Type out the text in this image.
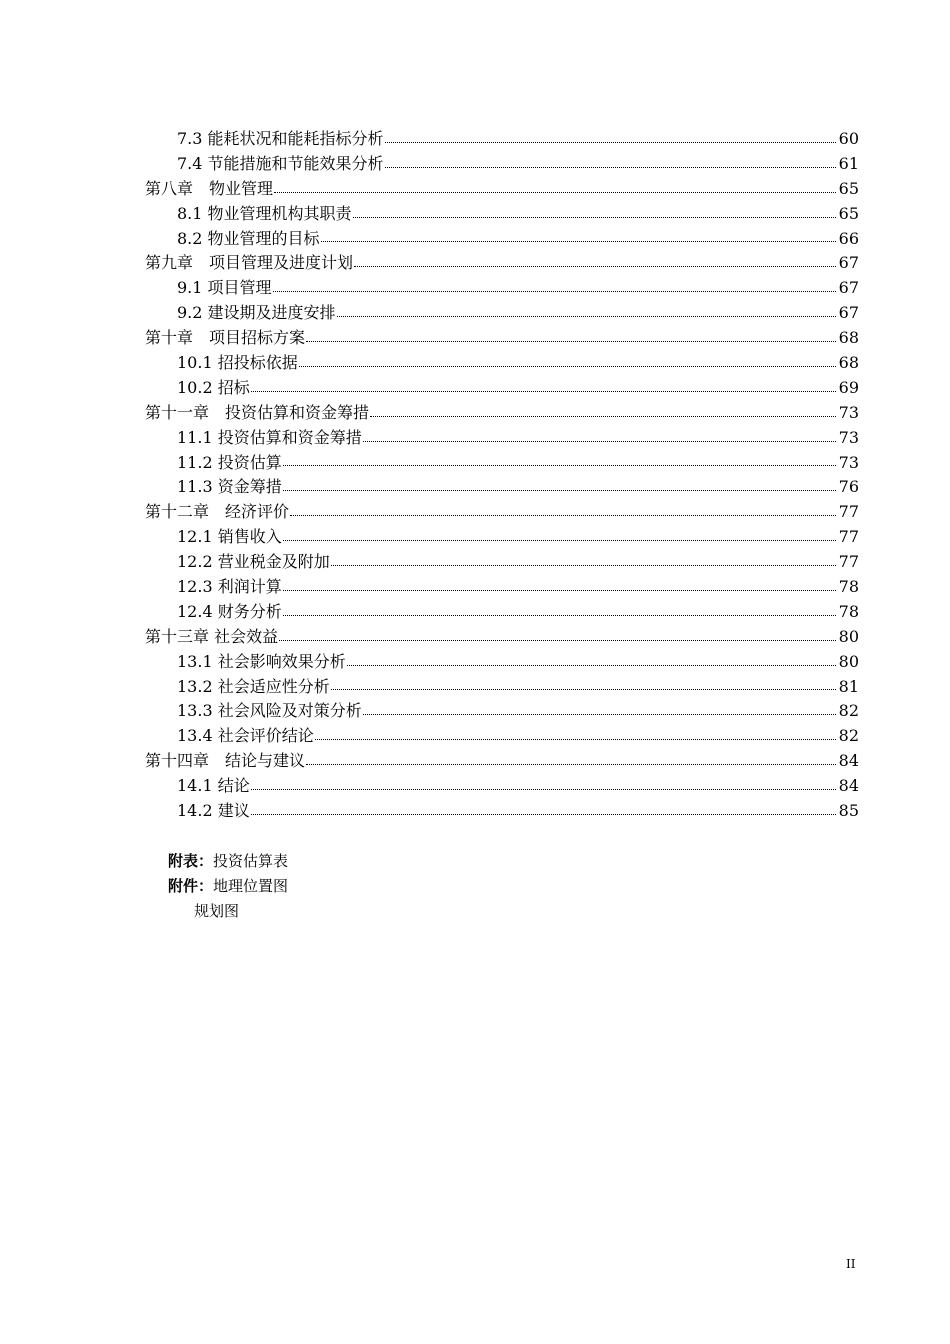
7.3 能耗状况和能耗指标分析	60
7.4 节能措施和节能效果分析	61
第八章　物业管理	65
8.1 物业管理机构其职责	65
8.2 物业管理的目标	66
第九章　项目管理及进度计划	67
9.1 项目管理	67
9.2 建设期及进度安排	67
第十章　项目招标方案	68
10.1 招投标依据	68
10.2 招标	69
第十一章　投资估算和资金筹措	73
11.1 投资估算和资金筹措	73
11.2 投资估算	73
11.3 资金筹措	76
第十二章　经济评价	77
12.1 销售收入	77
12.2 营业税金及附加	77
12.3 利润计算	78
12.4 财务分析	78
第十三章 社会效益	80
13.1 社会影响效果分析	80
13.2 社会适应性分析	81
13.3 社会风险及对策分析	82
13.4 社会评价结论	82
第十四章　结论与建议	84
14.1 结论	84
14.2 建议	85
附表：投资估算表
附件：地理位置图
规划图
II
